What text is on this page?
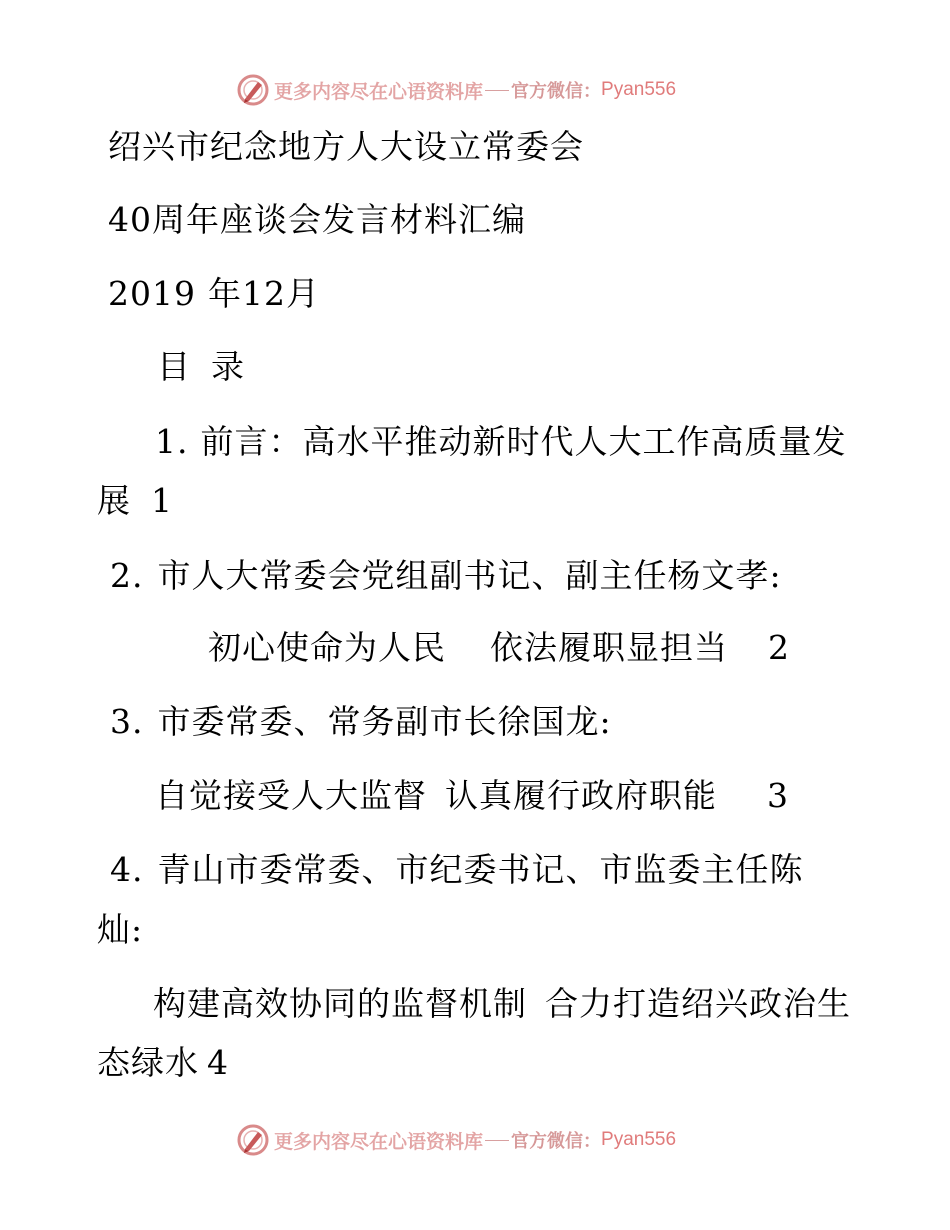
更多内容尽在心语资料库 官方微信： Pyan556
绍兴市纪念地方人大设立常委会
40周年座谈会发言材料汇编
2019 年12月
目 录
1. 前言：高水平推动新时代人大工作高质量发
展 1
2. 市人大常委会党组副书记、副主任杨文孝:
初心使命为人民 依法履职显担当 2
3. 市委常委、常务副市长徐国龙:
自觉接受人大监督 认真履行政府职能 3
4. 青山市委常委、市纪委书记、市监委主任陈
灿:
构建高效协同的监督机制 合力打造绍兴政治生
态绿水 4
更多内容尽在心语资料库 官方微信： Pyan556
